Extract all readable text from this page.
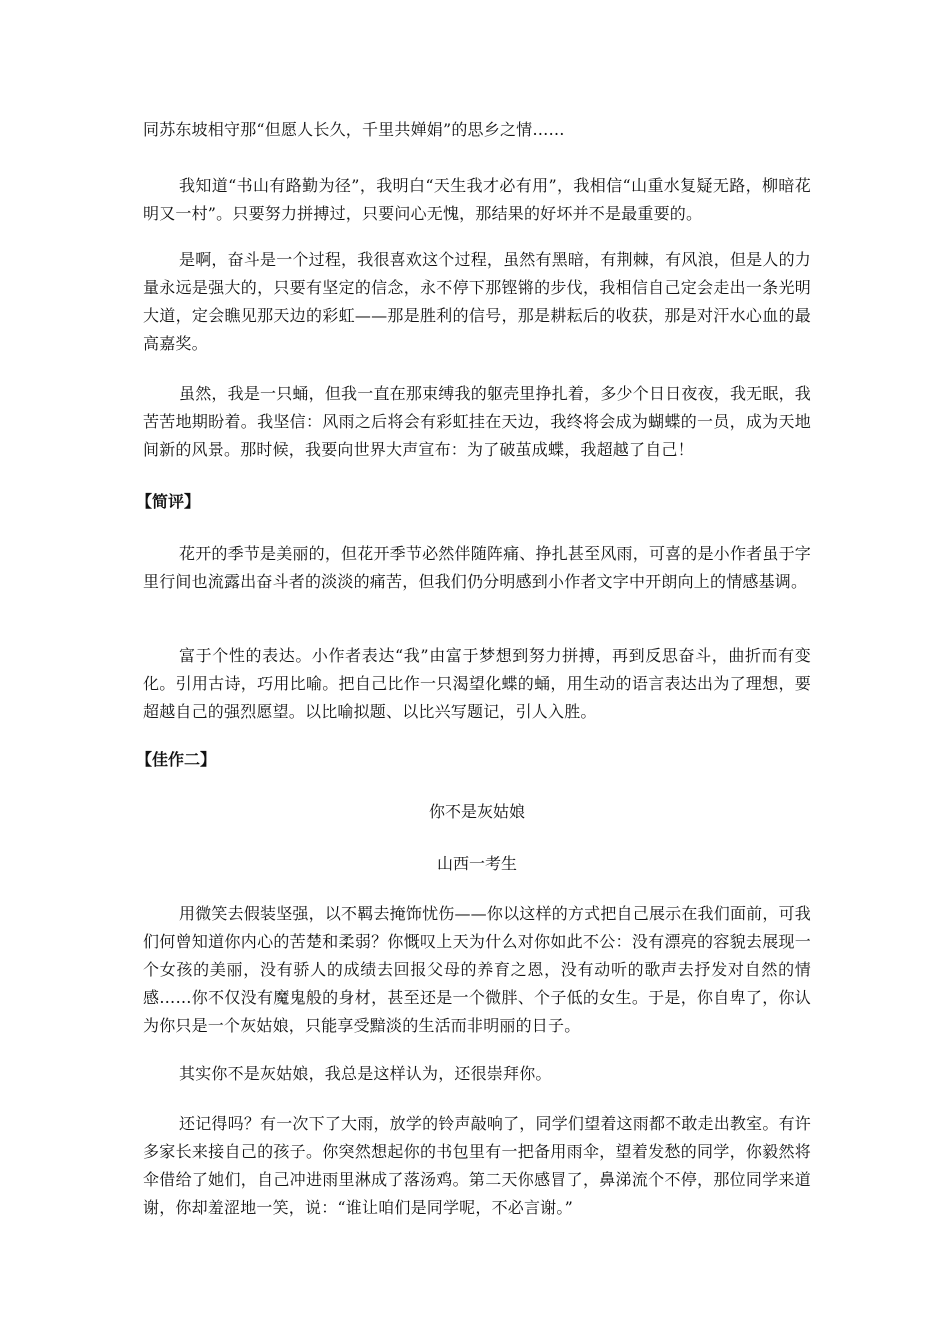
同苏东坡相守那“但愿人长久，千里共婵娟”的思乡之情……

我知道“书山有路勤为径”，我明白“天生我才必有用”，我相信“山重水复疑无路，柳暗花明又一村”。只要努力拼搏过，只要问心无愧，那结果的好坏并不是最重要的。

是啊，奋斗是一个过程，我很喜欢这个过程，虽然有黑暗，有荆棘，有风浪，但是人的力量永远是强大的，只要有坚定的信念，永不停下那铿锵的步伐，我相信自己定会走出一条光明大道，定会瞧见那天边的彩虹——那是胜利的信号，那是耕耘后的收获，那是对汗水心血的最高嘉奖。

虽然，我是一只蛹，但我一直在那束缚我的躯壳里挣扎着，多少个日日夜夜，我无眠，我苦苦地期盼着。我坚信：风雨之后将会有彩虹挂在天边，我终将会成为蝴蝶的一员，成为天地间新的风景。那时候，我要向世界大声宣布：为了破茧成蝶，我超越了自己！

【简评】

花开的季节是美丽的，但花开季节必然伴随阵痛、挣扎甚至风雨，可喜的是小作者虽于字里行间也流露出奋斗者的淡淡的痛苦，但我们仍分明感到小作者文字中开朗向上的情感基调。

富于个性的表达。小作者表达“我”由富于梦想到努力拼搏，再到反思奋斗，曲折而有变化。引用古诗，巧用比喻。把自己比作一只渴望化蝶的蛹，用生动的语言表达出为了理想，要超越自己的强烈愿望。以比喻拟题、以比兴写题记，引人入胜。

【佳作二】
你不是灰姑娘
山西一考生

用微笑去假装坚强，以不羁去掩饰忧伤——你以这样的方式把自己展示在我们面前，可我们何曾知道你内心的苦楚和柔弱？你慨叹上天为什么对你如此不公：没有漂亮的容貌去展现一个女孩的美丽，没有骄人的成绩去回报父母的养育之恩，没有动听的歌声去抒发对自然的情感……你不仅没有魔鬼般的身材，甚至还是一个微胖、个子低的女生。于是，你自卑了，你认为你只是一个灰姑娘，只能享受黯淡的生活而非明丽的日子。

其实你不是灰姑娘，我总是这样认为，还很崇拜你。

还记得吗？有一次下了大雨，放学的铃声敲响了，同学们望着这雨都不敢走出教室。有许多家长来接自己的孩子。你突然想起你的书包里有一把备用雨伞，望着发愁的同学，你毅然将伞借给了她们，自己冲进雨里淋成了落汤鸡。第二天你感冒了，鼻涕流个不停，那位同学来道谢，你却羞涩地一笑，说：“谁让咱们是同学呢，不必言谢。”
